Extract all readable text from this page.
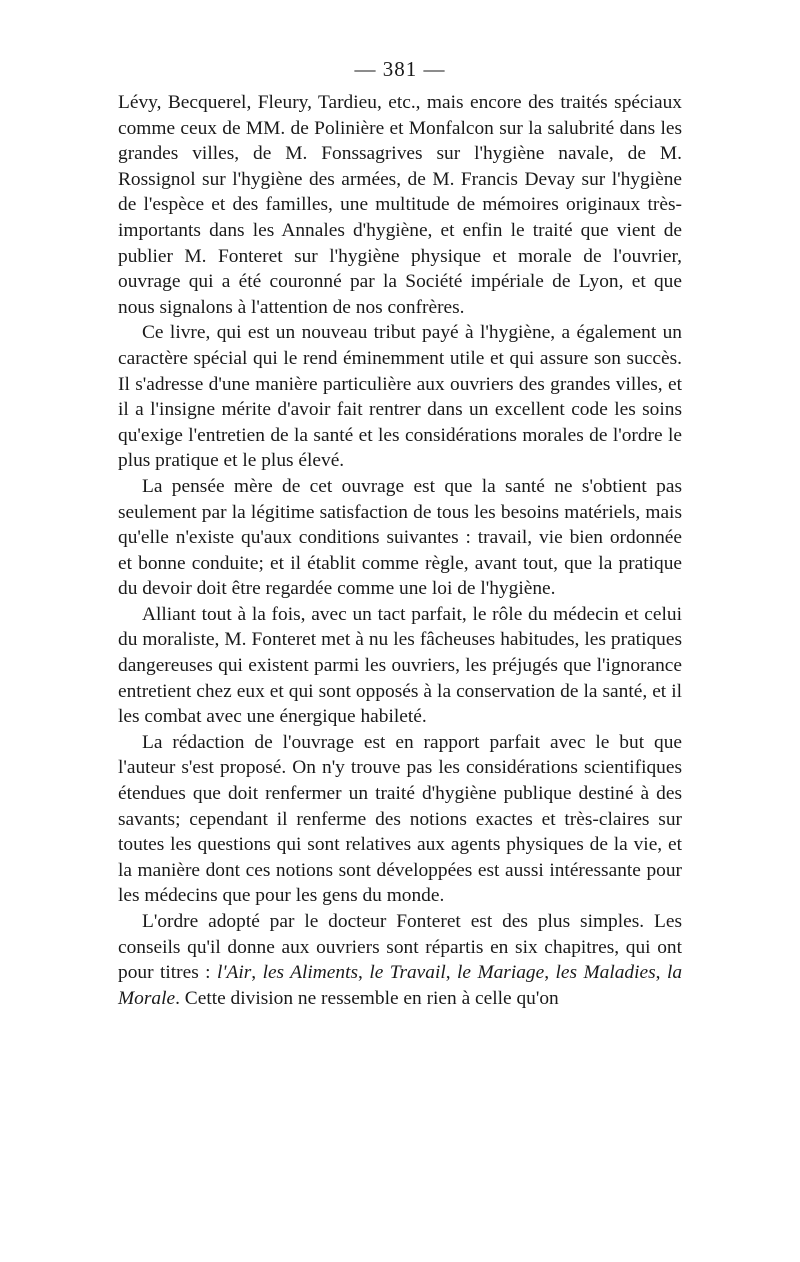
— 381 —

Lévy, Becquerel, Fleury, Tardieu, etc., mais encore des traités spéciaux comme ceux de MM. de Polinière et Monfalcon sur la salubrité dans les grandes villes, de M. Fonssagrives sur l'hygiène navale, de M. Rossignol sur l'hygiène des armées, de M. Francis Devay sur l'hygiène de l'espèce et des familles, une multitude de mémoires originaux très-importants dans les Annales d'hygiène, et enfin le traité que vient de publier M. Fonteret sur l'hygiène physique et morale de l'ouvrier, ouvrage qui a été couronné par la Société impériale de Lyon, et que nous signalons à l'attention de nos confrères.

Ce livre, qui est un nouveau tribut payé à l'hygiène, a également un caractère spécial qui le rend éminemment utile et qui assure son succès. Il s'adresse d'une manière particulière aux ouvriers des grandes villes, et il a l'insigne mérite d'avoir fait rentrer dans un excellent code les soins qu'exige l'entretien de la santé et les considérations morales de l'ordre le plus pratique et le plus élevé.

La pensée mère de cet ouvrage est que la santé ne s'obtient pas seulement par la légitime satisfaction de tous les besoins matériels, mais qu'elle n'existe qu'aux conditions suivantes : travail, vie bien ordonnée et bonne conduite; et il établit comme règle, avant tout, que la pratique du devoir doit être regardée comme une loi de l'hygiène.

Alliant tout à la fois, avec un tact parfait, le rôle du médecin et celui du moraliste, M. Fonteret met à nu les fâcheuses habitudes, les pratiques dangereuses qui existent parmi les ouvriers, les préjugés que l'ignorance entretient chez eux et qui sont opposés à la conservation de la santé, et il les combat avec une énergique habileté.

La rédaction de l'ouvrage est en rapport parfait avec le but que l'auteur s'est proposé. On n'y trouve pas les considérations scientifiques étendues que doit renfermer un traité d'hygiène publique destiné à des savants; cependant il renferme des notions exactes et très-claires sur toutes les questions qui sont relatives aux agents physiques de la vie, et la manière dont ces notions sont développées est aussi intéressante pour les médecins que pour les gens du monde.

L'ordre adopté par le docteur Fonteret est des plus simples. Les conseils qu'il donne aux ouvriers sont répartis en six chapitres, qui ont pour titres : l'Air, les Aliments, le Travail, le Mariage, les Maladies, la Morale. Cette division ne ressemble en rien à celle qu'on
